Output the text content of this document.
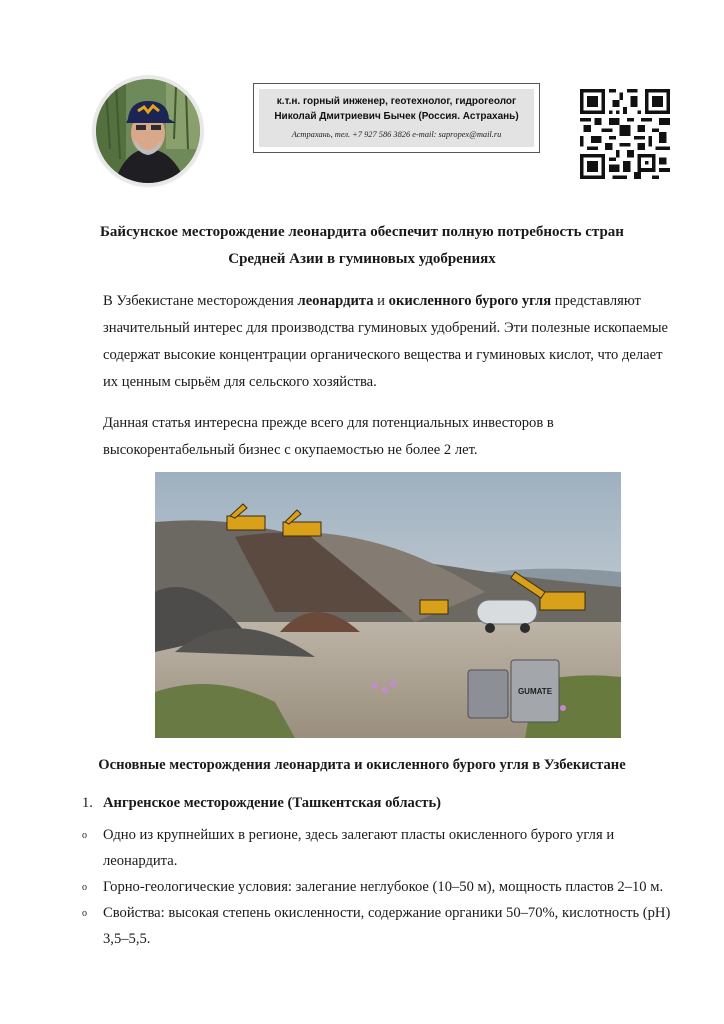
к.т.н. горный инженер, геотехнолог, гидрогеолог
Николай Дмитриевич Бычек (Россия. Астрахань)
Астрахань, тел. +7 927 586 3826 e-mail: saprорех@mail.ru
Байсунское месторождение леонардита обеспечит полную потребность стран
Средней Азии в гуминовых удобрениях
В Узбекистане месторождения леонардита и окисленного бурого угля представляют
значительный интерес для производства гуминовых удобрений. Эти полезные ископаемые
содержат высокие концентрации органического вещества и гуминовых кислот, что делает
их ценным сырьём для сельского хозяйства.
Данная статья интересна прежде всего для потенциальных инвесторов в
высокорентабельный бизнес с окупаемостью не более 2 лет.
GUMATE
Основные месторождения леонардита и окисленного бурого угля в Узбекистане
1. Ангренское месторождение (Ташкентская область)
o Одно из крупнейших в регионе, здесь залегают пласты окисленного бурого угля и
леонардита.
o Горно-геологические условия: залегание неглубокое (10–50 м), мощность пластов 2–10 м.
o Свойства: высокая степень окисленности, содержание органики 50–70%, кислотность (pH)
3,5–5,5.
